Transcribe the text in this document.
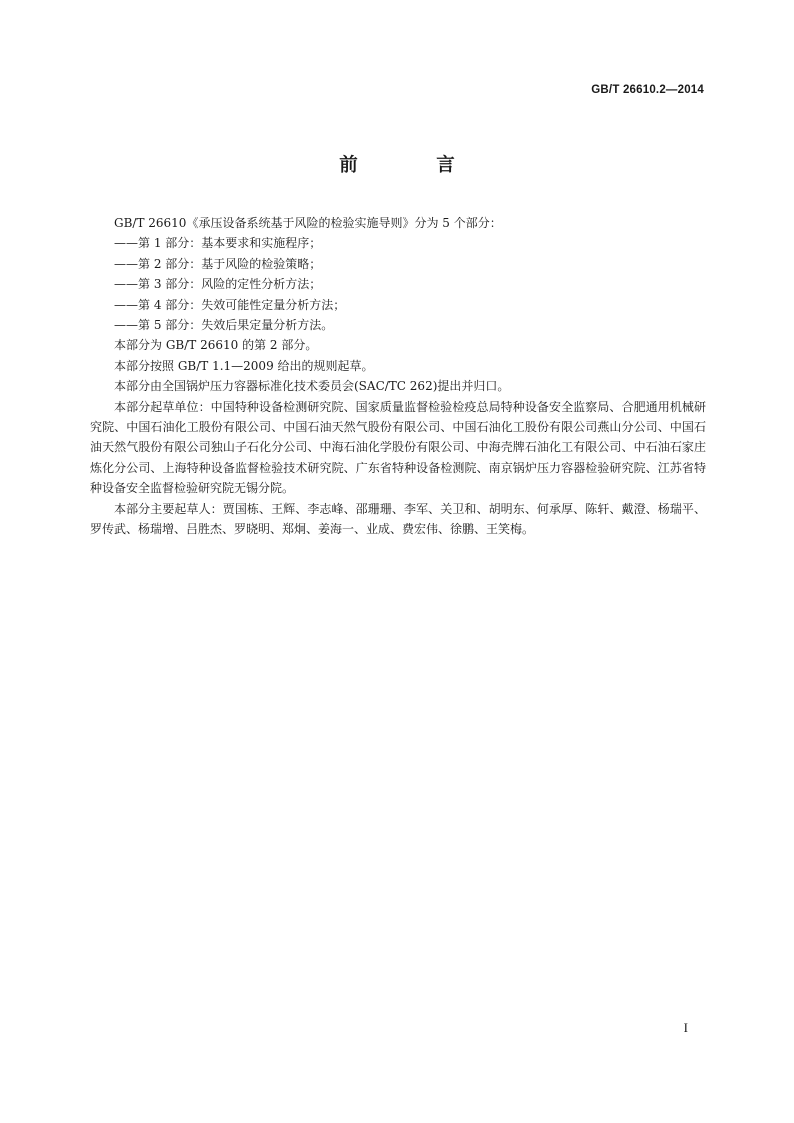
GB/T 26610.2—2014
前 言

GB/T 26610《承压设备系统基于风险的检验实施导则》分为 5 个部分：

——第 1 部分：基本要求和实施程序；

——第 2 部分：基于风险的检验策略；

——第 3 部分：风险的定性分析方法；

——第 4 部分：失效可能性定量分析方法；

——第 5 部分：失效后果定量分析方法。

本部分为 GB/T 26610 的第 2 部分。

本部分按照 GB/T 1.1—2009 给出的规则起草。

本部分由全国锅炉压力容器标准化技术委员会(SAC/TC 262)提出并归口。

本部分起草单位：中国特种设备检测研究院、国家质量监督检验检疫总局特种设备安全监察局、合肥通用机械研究院、中国石油化工股份有限公司、中国石油天然气股份有限公司、中国石油化工股份有限公司燕山分公司、中国石油天然气股份有限公司独山子石化分公司、中海石油化学股份有限公司、中海壳牌石油化工有限公司、中石油石家庄炼化分公司、上海特种设备监督检验技术研究院、广东省特种设备检测院、南京锅炉压力容器检验研究院、江苏省特种设备安全监督检验研究院无锡分院。

本部分主要起草人：贾国栋、王辉、李志峰、邵珊珊、李军、关卫和、胡明东、何承厚、陈轩、戴澄、杨瑞平、罗传武、杨瑞增、吕胜杰、罗晓明、郑炯、姜海一、业成、费宏伟、徐鹏、王笑梅。

I
